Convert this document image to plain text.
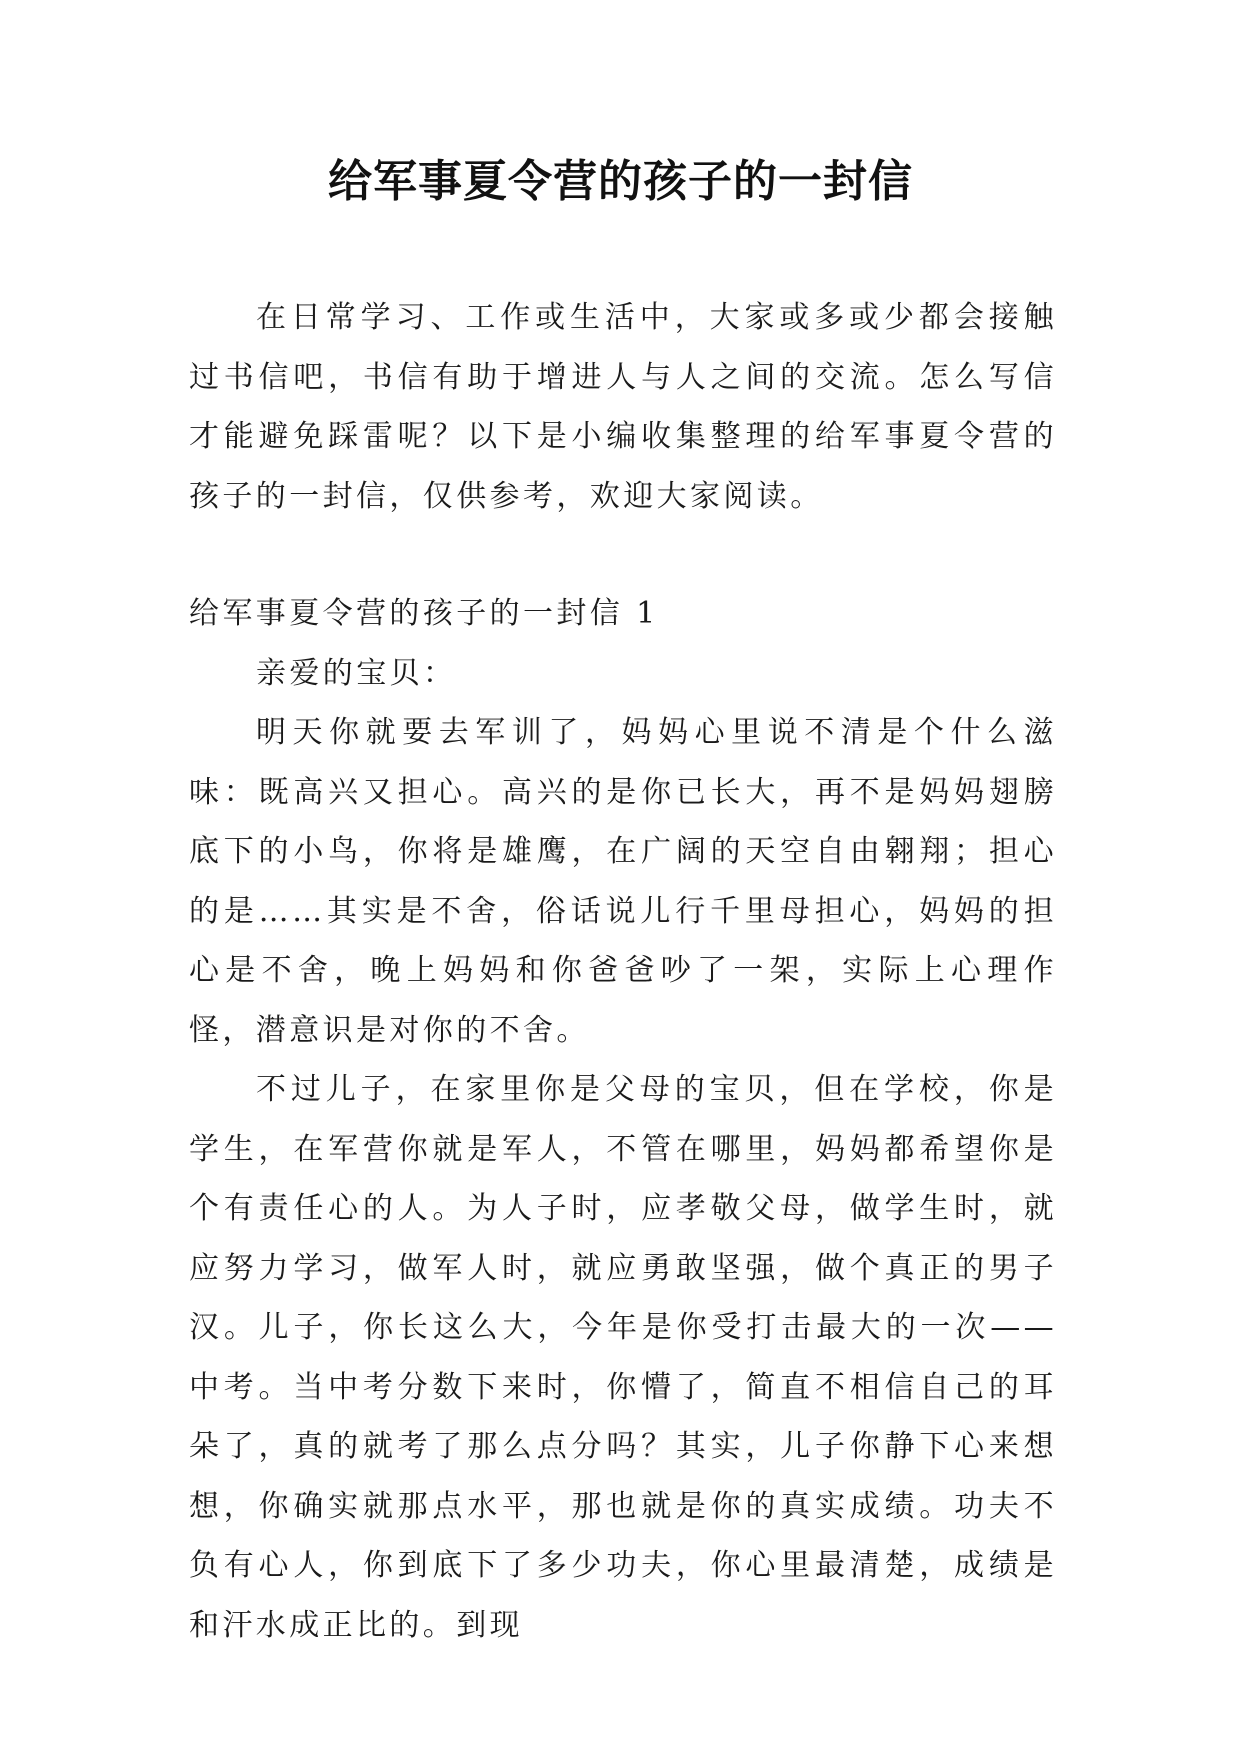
给军事夏令营的孩子的一封信

在日常学习、工作或生活中，大家或多或少都会接触过书信吧，书信有助于增进人与人之间的交流。怎么写信才能避免踩雷呢？以下是小编收集整理的给军事夏令营的孩子的一封信，仅供参考，欢迎大家阅读。

给军事夏令营的孩子的一封信 1

亲爱的宝贝：

明天你就要去军训了，妈妈心里说不清是个什么滋味：既高兴又担心。高兴的是你已长大，再不是妈妈翅膀底下的小鸟，你将是雄鹰，在广阔的天空自由翱翔；担心的是……其实是不舍，俗话说儿行千里母担心，妈妈的担心是不舍，晚上妈妈和你爸爸吵了一架，实际上心理作怪，潜意识是对你的不舍。

不过儿子，在家里你是父母的宝贝，但在学校，你是学生，在军营你就是军人，不管在哪里，妈妈都希望你是个有责任心的人。为人子时，应孝敬父母，做学生时，就应努力学习，做军人时，就应勇敢坚强，做个真正的男子汉。儿子，你长这么大，今年是你受打击最大的一次——中考。当中考分数下来时，你懵了，简直不相信自己的耳朵了，真的就考了那么点分吗？其实，儿子你静下心来想想，你确实就那点水平，那也就是你的真实成绩。功夫不负有心人，你到底下了多少功夫，你心里最清楚，成绩是和汗水成正比的。到现
